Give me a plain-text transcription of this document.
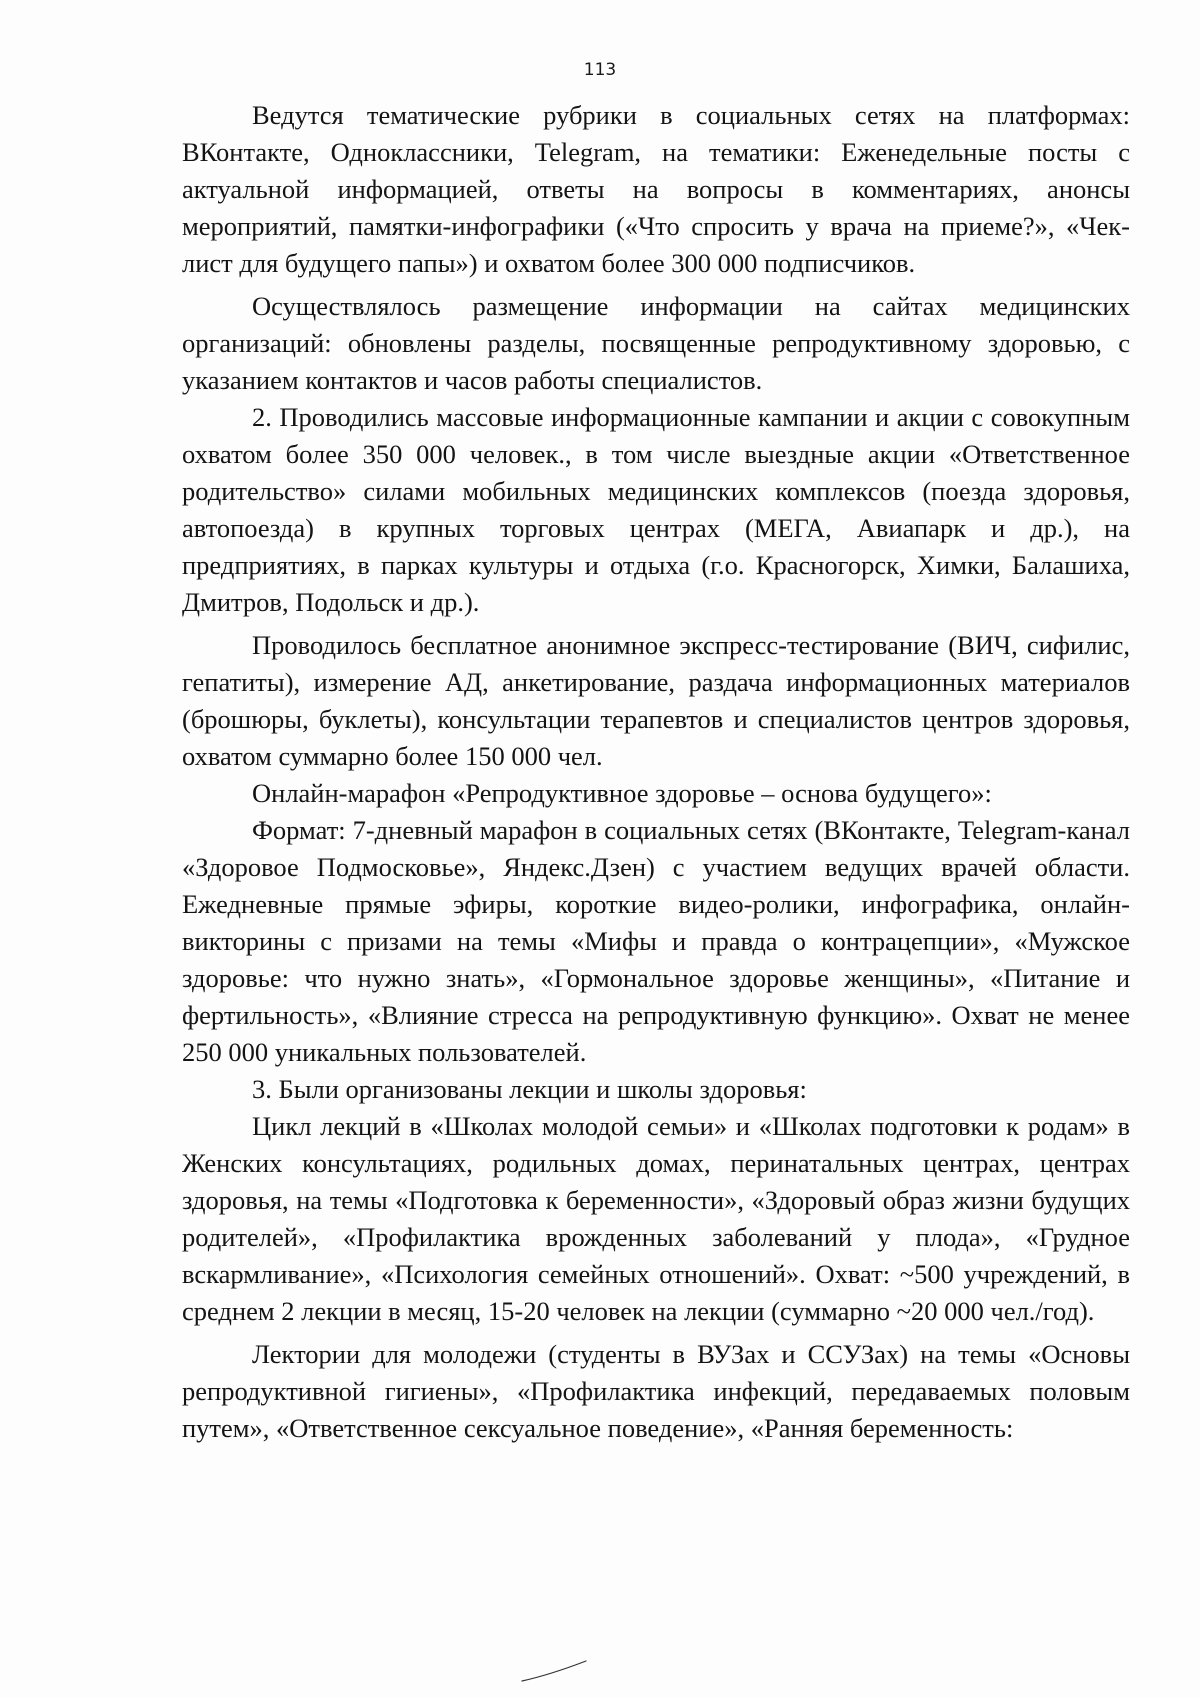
113

Ведутся тематические рубрики в социальных сетях на платформах: ВКонтакте, Одноклассники, Telegram, на тематики: Еженедельные посты с актуальной информацией, ответы на вопросы в комментариях, анонсы мероприятий, памятки-инфографики («Что спросить у врача на приеме?», «Чек-лист для будущего папы») и охватом более 300 000 подписчиков.

Осуществлялось размещение информации на сайтах медицинских организаций: обновлены разделы, посвященные репродуктивному здоровью, с указанием контактов и часов работы специалистов.

2. Проводились массовые информационные кампании и акции с совокупным охватом более 350 000 человек., в том числе выездные акции «Ответственное родительство» силами мобильных медицинских комплексов (поезда здоровья, автопоезда) в крупных торговых центрах (МЕГА, Авиапарк и др.), на предприятиях, в парках культуры и отдыха (г.о. Красногорск, Химки, Балашиха, Дмитров, Подольск и др.).

Проводилось бесплатное анонимное экспресс-тестирование (ВИЧ, сифилис, гепатиты), измерение АД, анкетирование, раздача информационных материалов (брошюры, буклеты), консультации терапевтов и специалистов центров здоровья, охватом суммарно более 150 000 чел.

Онлайн-марафон «Репродуктивное здоровье – основа будущего»:

Формат: 7-дневный марафон в социальных сетях (ВКонтакте, Telegram-канал «Здоровое Подмосковье», Яндекс.Дзен) с участием ведущих врачей области. Ежедневные прямые эфиры, короткие видео-ролики, инфографика, онлайн-викторины с призами на темы «Мифы и правда о контрацепции», «Мужское здоровье: что нужно знать», «Гормональное здоровье женщины», «Питание и фертильность», «Влияние стресса на репродуктивную функцию». Охват не менее 250 000 уникальных пользователей.

3. Были организованы лекции и школы здоровья:

Цикл лекций в «Школах молодой семьи» и «Школах подготовки к родам» в Женских консультациях, родильных домах, перинатальных центрах, центрах здоровья, на темы «Подготовка к беременности», «Здоровый образ жизни будущих родителей», «Профилактика врожденных заболеваний у плода», «Грудное вскармливание», «Психология семейных отношений». Охват: ~500 учреждений, в среднем 2 лекции в месяц, 15-20 человек на лекции (суммарно ~20 000 чел./год).

Лектории для молодежи (студенты в ВУЗах и ССУЗах) на темы «Основы репродуктивной гигиены», «Профилактика инфекций, передаваемых половым путем», «Ответственное сексуальное поведение», «Ранняя беременность:
